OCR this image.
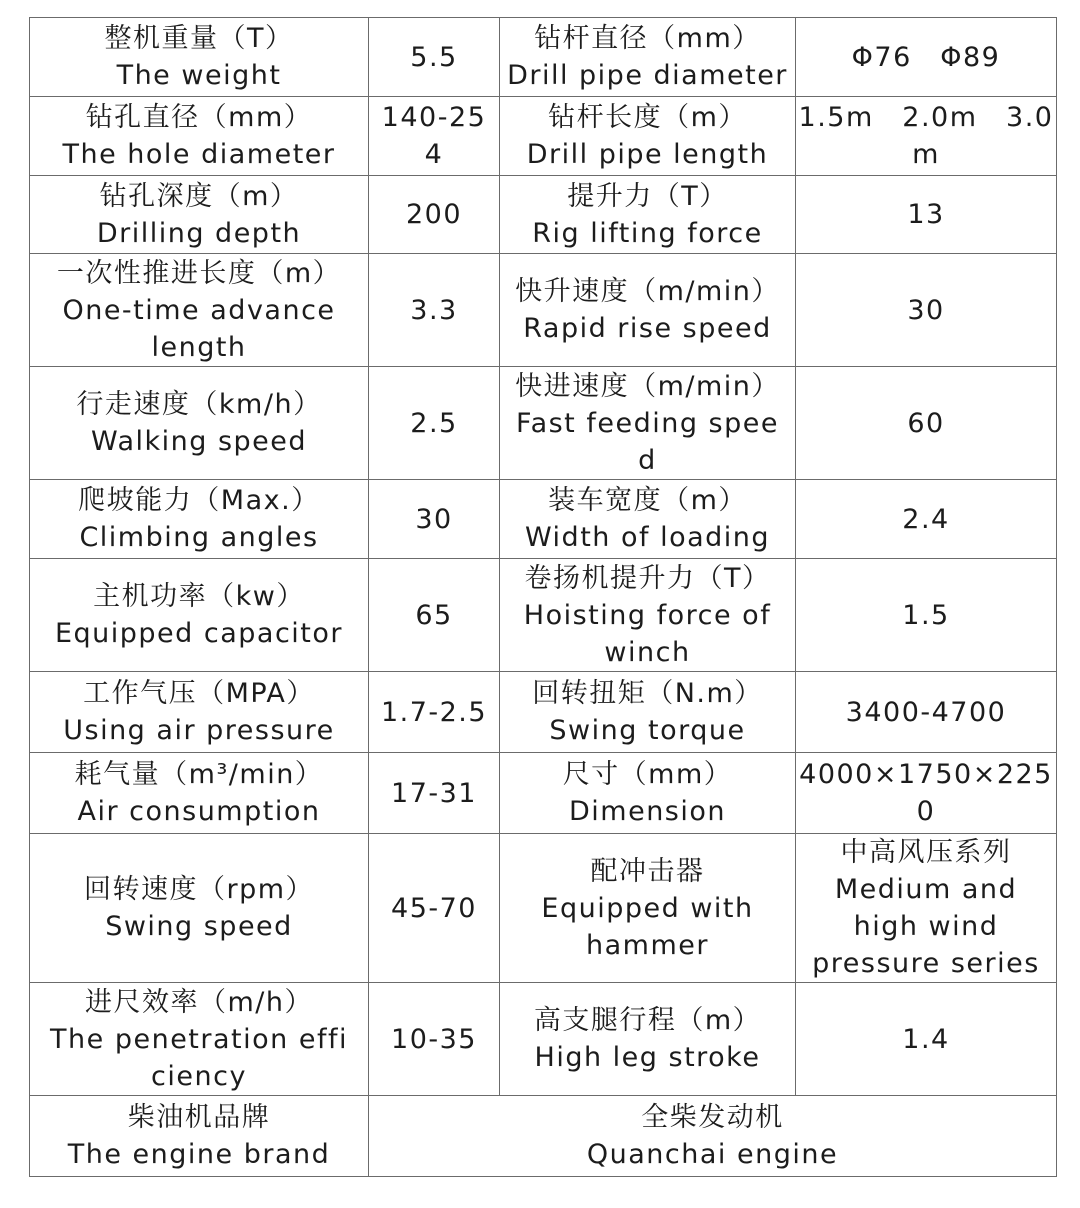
整机重量（T）
The weight	5.5	钻杆直径（mm）
Drill pipe diameter	Φ76　Φ89

钻孔直径（mm）
The hole diameter	140-25
4	钻杆长度（m）
Drill pipe length	1.5m　2.0m　3.0
m

钻孔深度（m）
Drilling depth	200	提升力（T）
Rig lifting force	13

一次性推进长度（m）
One-time advance
length	3.3	快升速度（m/min）
Rapid rise speed	30

行走速度（km/h）
Walking speed	2.5	快进速度（m/min）
Fast feeding spee
d	60

爬坡能力（Max.）
Climbing angles	30	装车宽度（m）
Width of loading	2.4

主机功率（kw）
Equipped capacitor	65	卷扬机提升力（T）
Hoisting force of
winch	1.5

工作气压（MPA）
Using air pressure	1.7-2.5	回转扭矩（N.m）
Swing torque	3400-4700

耗气量（m³/min）
Air consumption	17-31	尺寸（mm）
Dimension	4000×1750×225
0

回转速度（rpm）
Swing speed	45-70	配冲击器
Equipped with
hammer	中高风压系列
Medium and
high wind
pressure series

进尺效率（m/h）
The penetration effi
ciency	10-35	高支腿行程（m）
High leg stroke	1.4

柴油机品牌
The engine brand	全柴发动机
Quanchai engine		
